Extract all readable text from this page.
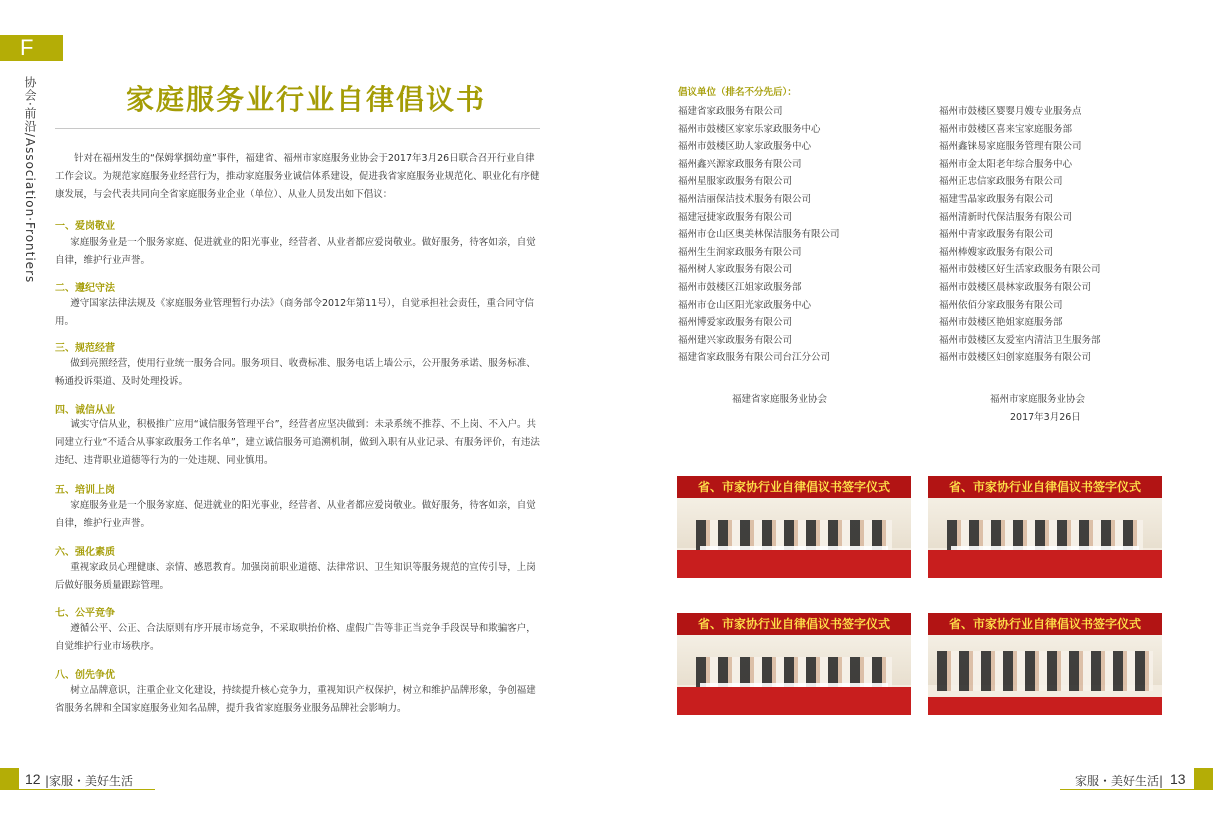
F
协会·前沿/Association·Frontiers	家庭服务业行业自律倡议书
针对在福州发生的“保姆掌掴幼童”事件，福建省、福州市家庭服务业协会于2017年3月26日联合召开行业自律工作会议。为规范家庭服务业经营行为，推动家庭服务业诚信体系建设，促进我省家庭服务业规范化、职业化有序健康发展，与会代表共同向全省家庭服务业企业（单位）、从业人员发出如下倡议：
一、爱岗敬业
家庭服务业是一个服务家庭、促进就业的阳光事业，经营者、从业者都应爱岗敬业。做好服务，待客如亲，自觉自律，维护行业声誉。
二、遵纪守法
遵守国家法律法规及《家庭服务业管理暂行办法》（商务部令2012年第11号），自觉承担社会责任，重合同守信用。
三、规范经营
做到亮照经营，使用行业统一服务合同。服务项目、收费标准、服务电话上墙公示，公开服务承诺、服务标准、畅通投诉渠道、及时处理投诉。
四、诚信从业
诚实守信从业，积极推广应用“诚信服务管理平台”，经营者应坚决做到：未录系统不推荐、不上岗、不入户。共同建立行业“不适合从事家政服务工作名单”，建立诚信服务可追溯机制，做到入职有从业记录、有服务评价，有违法违纪、违背职业道德等行为的一处违规、同业慎用。
五、培训上岗
家庭服务业是一个服务家庭、促进就业的阳光事业，经营者、从业者都应爱岗敬业。做好服务，待客如亲，自觉自律，维护行业声誉。
六、强化素质
重视家政员心理健康、亲情、感恩教育。加强岗前职业道德、法律常识、卫生知识等服务规范的宣传引导，上岗后做好服务质量跟踪管理。
七、公平竞争
遵循公平、公正、合法原则有序开展市场竞争，不采取哄抬价格、虚假广告等非正当竞争手段误导和欺骗客户，自觉维护行业市场秩序。
八、创先争优
树立品牌意识，注重企业文化建设，持续提升核心竞争力，重视知识产权保护，树立和维护品牌形象，争创福建省服务名牌和全国家庭服务业知名品牌，提升我省家庭服务业服务品牌社会影响力。
倡议单位（排名不分先后）：
福建省家政服务有限公司
福州市鼓楼区家家乐家政服务中心
福州市鼓楼区助人家政服务中心
福州鑫兴源家政服务有限公司
福州星服家政服务有限公司
福州洁丽保洁技术服务有限公司
福建冠捷家政服务有限公司
福州市仓山区奥美林保洁服务有限公司
福州生生润家政服务有限公司
福州树人家政服务有限公司
福州市鼓楼区江姐家政服务部
福州市仓山区阳光家政服务中心
福州博爱家政服务有限公司
福州建兴家政服务有限公司
福建省家政服务有限公司台江分公司
福州市鼓楼区婴婴月嫂专业服务点
福州市鼓楼区喜来宝家庭服务部
福州鑫铼易家庭服务管理有限公司
福州市金太阳老年综合服务中心
福州正忠信家政服务有限公司
福建雪晶家政服务有限公司
福州清新时代保洁服务有限公司
福州中青家政服务有限公司
福州棒嫂家政服务有限公司
福州市鼓楼区好生活家政服务有限公司
福州市鼓楼区晨林家政服务有限公司
福州依佰分家政服务有限公司
福州市鼓楼区艳姐家庭服务部
福州市鼓楼区友爱室内清洁卫生服务部
福州市鼓楼区妇创家庭服务有限公司
福建省家庭服务业协会	福州市家庭服务业协会
2017年3月26日
省、市家协行业自律倡议书签字仪式	省、市家协行业自律倡议书签字仪式
省、市家协行业自律倡议书签字仪式	省、市家协行业自律倡议书签字仪式
12 |家服・美好生活	家服・美好生活| 13
